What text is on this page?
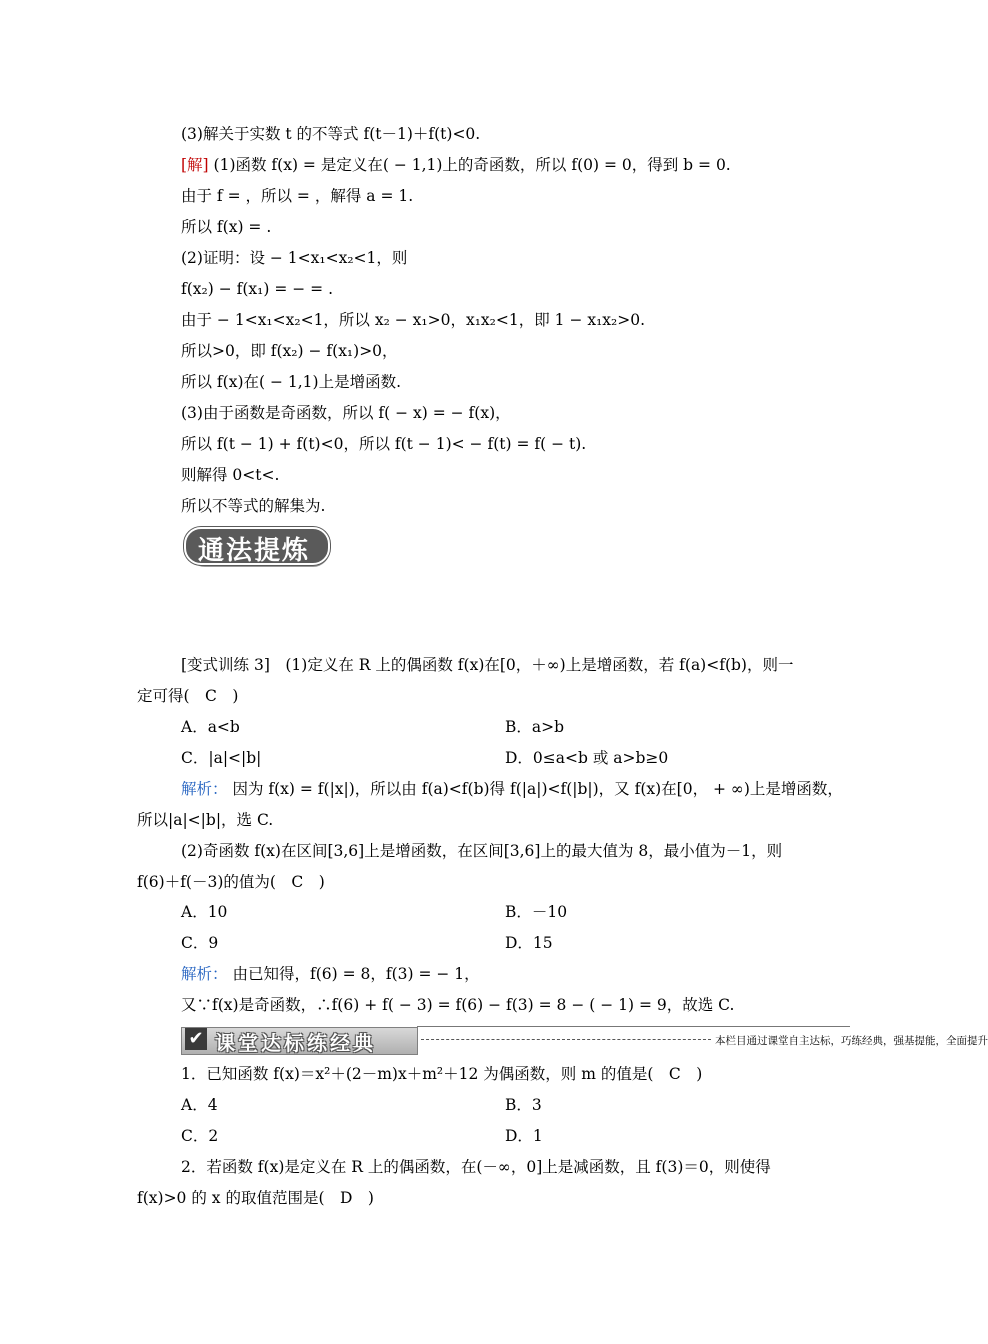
(3)解关于实数 t 的不等式 f(t－1)＋f(t)<0.
[解] (1)函数 f(x) = 是定义在( − 1,1)上的奇函数，所以 f(0) = 0，得到 b = 0.
由于 f = ，所以 = ，解得 a = 1.
所以 f(x) = .
(2)证明：设 − 1<x₁<x₂<1，则
f(x₂) − f(x₁) = − = .
由于 − 1<x₁<x₂<1，所以 x₂ − x₁>0，x₁x₂<1，即 1 − x₁x₂>0.
所以>0，即 f(x₂) − f(x₁)>0，
所以 f(x)在( − 1,1)上是增函数.
(3)由于函数是奇函数，所以 f( − x) = − f(x)，
所以 f(t − 1) + f(t)<0，所以 f(t − 1)< − f(t) = f( − t).
则解得 0<t<.
所以不等式的解集为.
通法提炼
[变式训练 3]　(1)定义在 R 上的偶函数 f(x)在[0，＋∞)上是增函数，若 f(a)<f(b)，则一
定可得(　C　)
A．a<b	B．a>b
C．|a|<|b|	D．0≤a<b 或 a>b≥0
解析： 因为 f(x) = f(|x|)，所以由 f(a)<f(b)得 f(|a|)<f(|b|)，又 f(x)在[0， + ∞)上是增函数，
所以|a|<|b|，选 C.
(2)奇函数 f(x)在区间[3,6]上是增函数，在区间[3,6]上的最大值为 8，最小值为－1，则
f(6)＋f(－3)的值为(　C　)
A．10	B．－10
C．9	D．15
解析： 由已知得，f(6) = 8，f(3) = − 1，
又∵f(x)是奇函数，∴f(6) + f( − 3) = f(6) − f(3) = 8 − ( − 1) = 9，故选 C.
✔ 课堂达标练经典	本栏目通过课堂自主达标，巧练经典，强基提能，全面提升
1．已知函数 f(x)＝x²＋(2－m)x＋m²＋12 为偶函数，则 m 的值是(　C　)
A．4	B．3
C．2	D．1
2．若函数 f(x)是定义在 R 上的偶函数，在(－∞，0]上是减函数，且 f(3)＝0，则使得
f(x)>0 的 x 的取值范围是(　D　)
